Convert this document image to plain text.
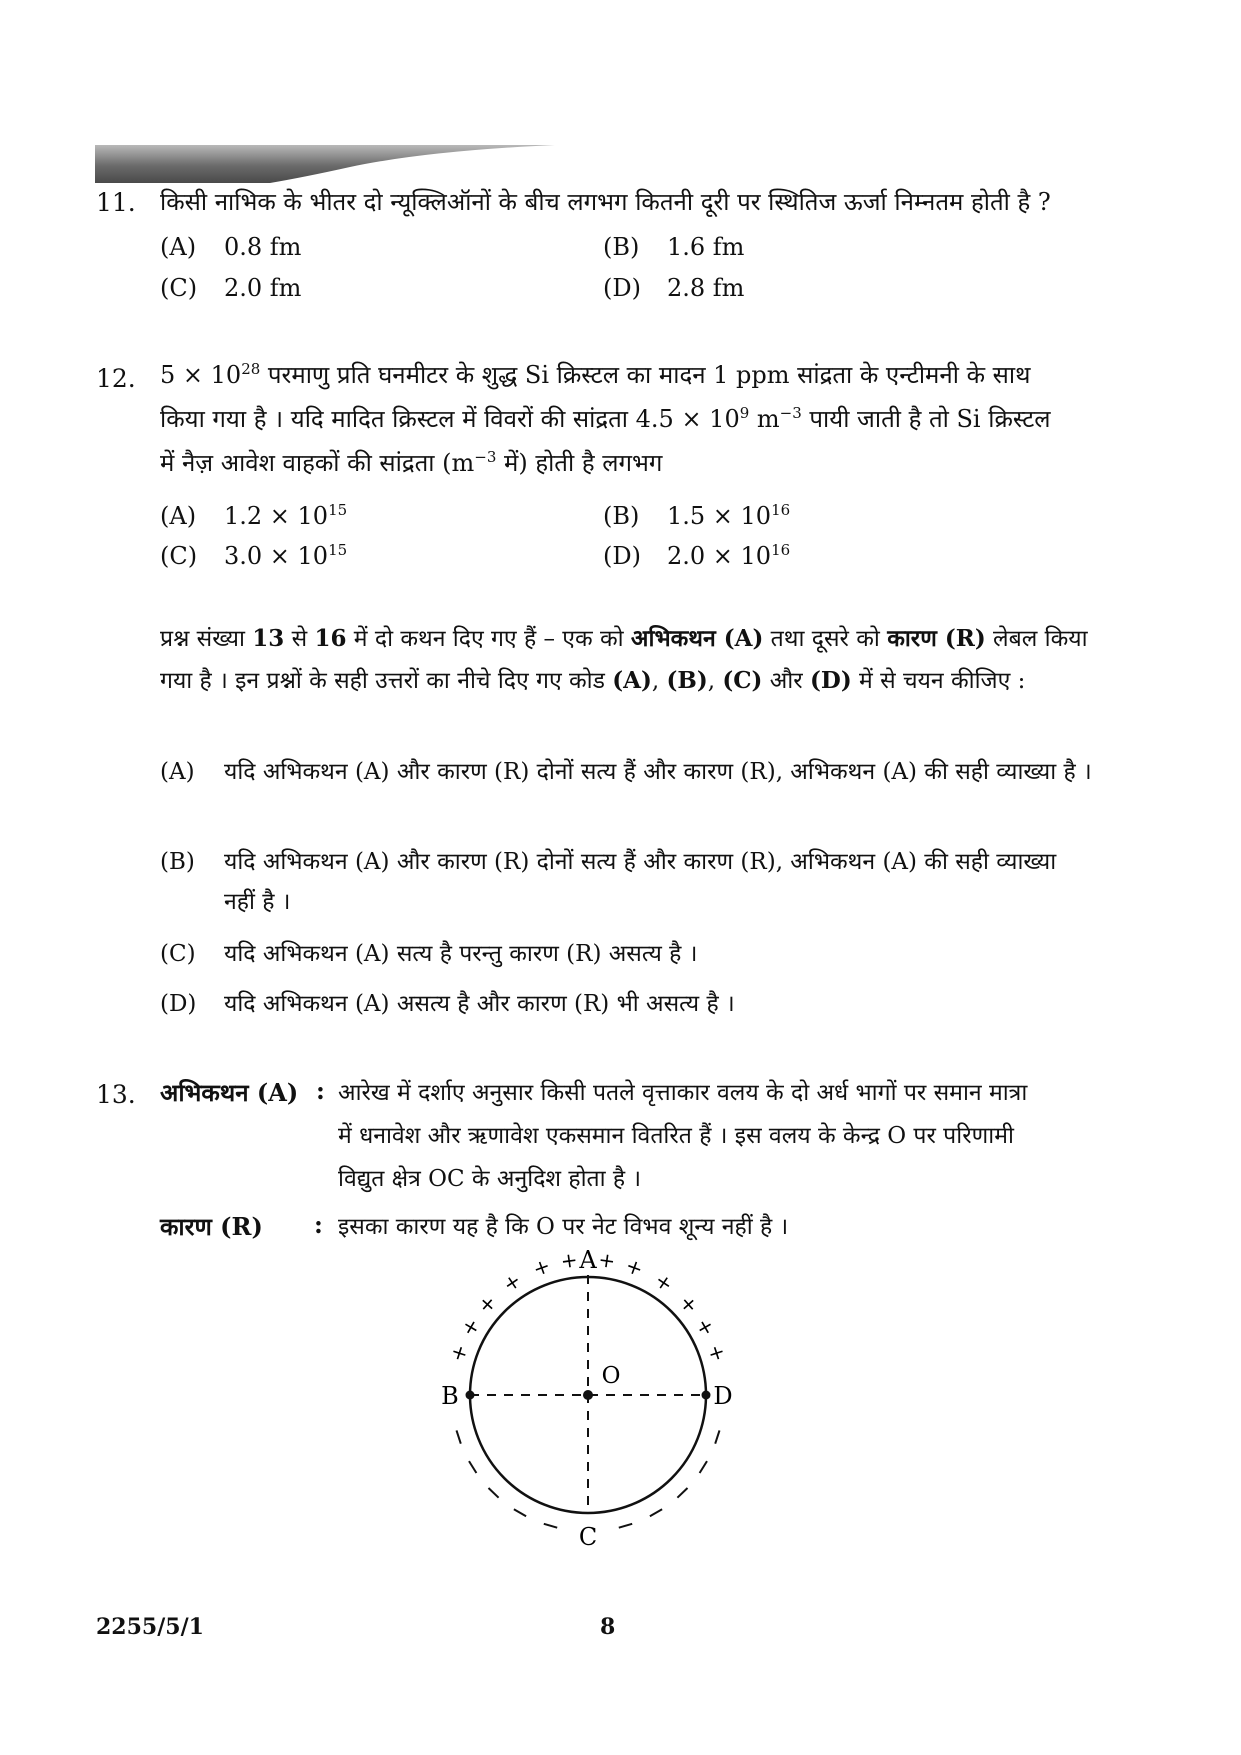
11. किसी नाभिक के भीतर दो न्यूक्लिऑनों के बीच लगभग कितनी दूरी पर स्थितिज ऊर्जा निम्नतम होती है ?
(A) 0.8 fm	(B) 1.6 fm
(C) 2.0 fm	(D) 2.8 fm
12. $5 \times 10^{28}$ परमाणु प्रति घनमीटर के शुद्ध Si क्रिस्टल का मादन 1 ppm सांद्रता के एन्टीमनी के साथ
किया गया है । यदि मादित क्रिस्टल में विवरों की सांद्रता $4.5 \times 10^9$ $m^{-3}$ पायी जाती है तो Si क्रिस्टल
में नैज़ आवेश वाहकों की सांद्रता ($m^{-3}$ में) होती है लगभग
(A) $1.2 \times 10^{15}$	(B) $1.5 \times 10^{16}$
(C) $3.0 \times 10^{15}$	(D) $2.0 \times 10^{16}$
प्रश्न संख्या 13 से 16 में दो कथन दिए गए हैं – एक को अभिकथन (A) तथा दूसरे को कारण (R) लेबल किया गया है । इन प्रश्नों के सही उत्तरों का नीचे दिए गए कोड (A), (B), (C) और (D) में से चयन कीजिए :
(A) यदि अभिकथन (A) और कारण (R) दोनों सत्य हैं और कारण (R), अभिकथन (A) की सही व्याख्या है ।
(B) यदि अभिकथन (A) और कारण (R) दोनों सत्य हैं और कारण (R), अभिकथन (A) की सही व्याख्या नहीं है ।
(C) यदि अभिकथन (A) सत्य है परन्तु कारण (R) असत्य है ।
(D) यदि अभिकथन (A) असत्य है और कारण (R) भी असत्य है ।
13. अभिकथन (A) : आरेख में दर्शाए अनुसार किसी पतले वृत्ताकार वलय के दो अर्ध भागों पर समान मात्रा
में धनावेश और ऋणावेश एकसमान वितरित हैं । इस वलय के केन्द्र O पर परिणामी
विद्युत क्षेत्र OC के अनुदिश होता है ।
कारण (R) : इसका कारण यह है कि O पर नेट विभव शून्य नहीं है ।
+
+
+
+
+ + + +
+
+
+
+
A
B	D
C
O
2255/5/1	8
